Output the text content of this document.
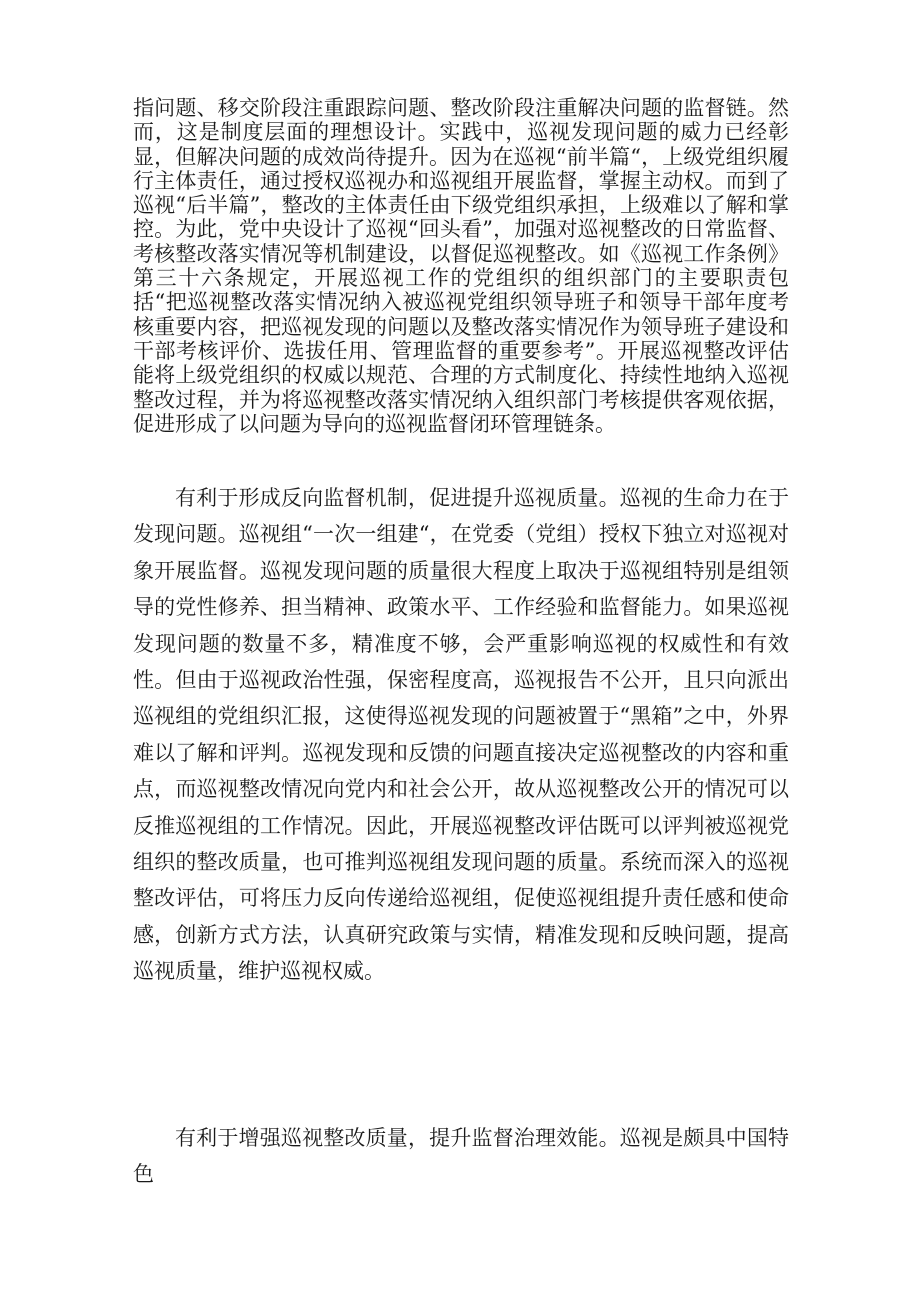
指问题、移交阶段注重跟踪问题、整改阶段注重解决问题的监督链。然而，这是制度层面的理想设计。实践中，巡视发现问题的威力已经彰显，但解决问题的成效尚待提升。因为在巡视“前半篇“，上级党组织履行主体责任，通过授权巡视办和巡视组开展监督，掌握主动权。而到了巡视“后半篇”，整改的主体责任由下级党组织承担，上级难以了解和掌控。为此，党中央设计了巡视“回头看”，加强对巡视整改的日常监督、考核整改落实情况等机制建设，以督促巡视整改。如《巡视工作条例》第三十六条规定，开展巡视工作的党组织的组织部门的主要职责包括“把巡视整改落实情况纳入被巡视党组织领导班子和领导干部年度考核重要内容，把巡视发现的问题以及整改落实情况作为领导班子建设和干部考核评价、选拔任用、管理监督的重要参考”。开展巡视整改评估能将上级党组织的权威以规范、合理的方式制度化、持续性地纳入巡视整改过程，并为将巡视整改落实情况纳入组织部门考核提供客观依据，促进形成了以问题为导向的巡视监督闭环管理链条。

有利于形成反向监督机制，促进提升巡视质量。巡视的生命力在于发现问题。巡视组“一次一组建“，在党委（党组）授权下独立对巡视对象开展监督。巡视发现问题的质量很大程度上取决于巡视组特别是组领导的党性修养、担当精神、政策水平、工作经验和监督能力。如果巡视发现问题的数量不多，精准度不够，会严重影响巡视的权威性和有效性。但由于巡视政治性强，保密程度高，巡视报告不公开，且只向派出巡视组的党组织汇报，这使得巡视发现的问题被置于“黑箱”之中，外界难以了解和评判。巡视发现和反馈的问题直接决定巡视整改的内容和重点，而巡视整改情况向党内和社会公开，故从巡视整改公开的情况可以反推巡视组的工作情况。因此，开展巡视整改评估既可以评判被巡视党组织的整改质量，也可推判巡视组发现问题的质量。系统而深入的巡视整改评估，可将压力反向传递给巡视组，促使巡视组提升责任感和使命感，创新方式方法，认真研究政策与实情，精准发现和反映问题，提高巡视质量，维护巡视权威。

有利于增强巡视整改质量，提升监督治理效能。巡视是颇具中国特色
